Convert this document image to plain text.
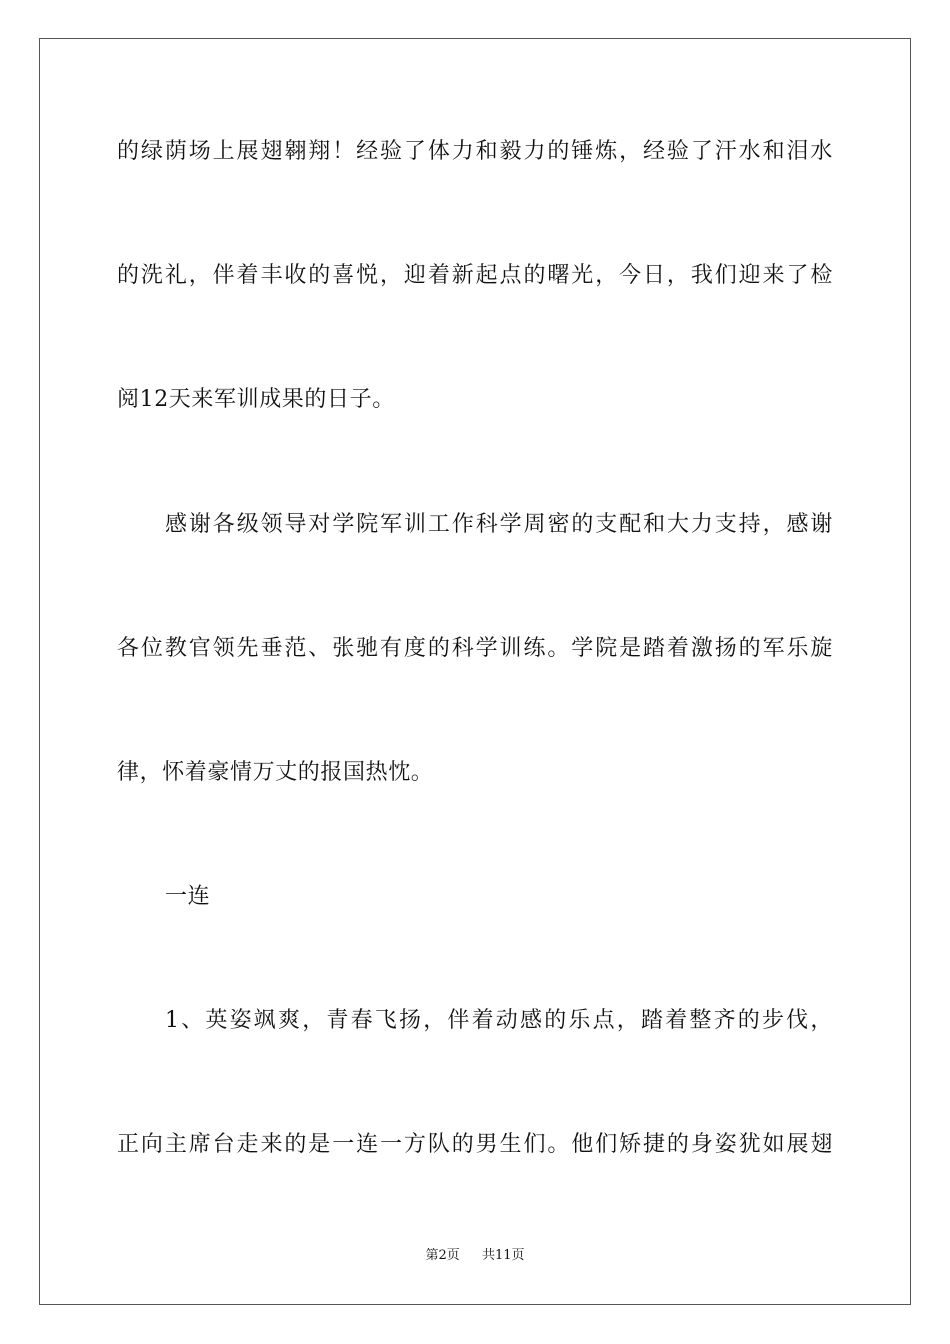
的绿荫场上展翅翱翔！经验了体力和毅力的锤炼，经验了汗水和泪水
的洗礼，伴着丰收的喜悦，迎着新起点的曙光，今日，我们迎来了检
阅12天来军训成果的日子。
感谢各级领导对学院军训工作科学周密的支配和大力支持，感谢
各位教官领先垂范、张驰有度的科学训练。学院是踏着激扬的军乐旋
律，怀着豪情万丈的报国热忱。
一连
1、英姿飒爽，青春飞扬，伴着动感的乐点，踏着整齐的步伐，
正向主席台走来的是一连一方队的男生们。他们矫捷的身姿犹如展翅
第2页 共11页
